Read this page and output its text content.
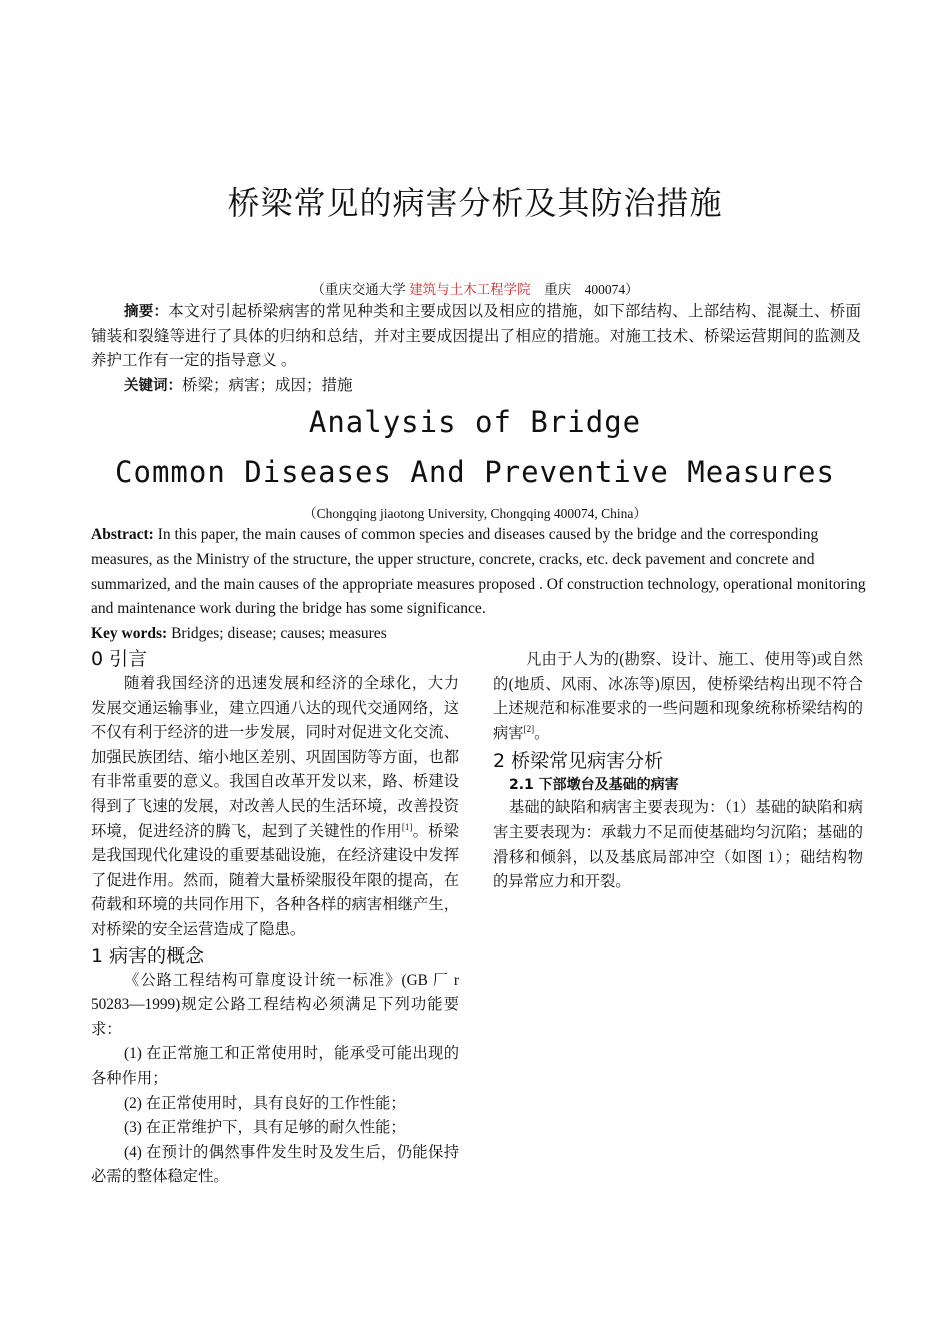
桥梁常见的病害分析及其防治措施
（重庆交通大学 建筑与土木工程学院　重庆　400074）
摘要：本文对引起桥梁病害的常见种类和主要成因以及相应的措施，如下部结构、上部结构、混凝土、桥面铺装和裂缝等进行了具体的归纳和总结，并对主要成因提出了相应的措施。对施工技术、桥梁运营期间的监测及养护工作有一定的指导意义 。
关键词：桥梁；病害；成因；措施
Analysis of Bridge
Common Diseases And Preventive Measures
（Chongqing jiaotong University, Chongqing 400074, China）
Abstract: In this paper, the main causes of common species and diseases caused by the bridge and the corresponding measures, as the Ministry of the structure, the upper structure, concrete, cracks, etc. deck pavement and concrete and summarized, and the main causes of the appropriate measures proposed . Of construction technology, operational monitoring and maintenance work during the bridge has some significance.
Key words: Bridges; disease; causes; measures
0 引言

随着我国经济的迅速发展和经济的全球化，大力发展交通运输事业，建立四通八达的现代交通网络，这不仅有利于经济的进一步发展，同时对促进文化交流、加强民族团结、缩小地区差别、巩固国防等方面，也都有非常重要的意义。我国自改革开发以来，路、桥建设得到了飞速的发展，对改善人民的生活环境，改善投资环境，促进经济的腾飞，起到了关键性的作用[1]。桥梁是我国现代化建设的重要基础设施，在经济建设中发挥了促进作用。然而，随着大量桥梁服役年限的提高，在荷载和环境的共同作用下，各种各样的病害相继产生，对桥梁的安全运营造成了隐患。

1 病害的概念

《公路工程结构可靠度设计统一标准》(GB 厂 r 50283—1999)规定公路工程结构必须满足下列功能要求：

(1) 在正常施工和正常使用时，能承受可能出现的各种作用；

(2) 在正常使用时，具有良好的工作性能；

(3) 在正常维护下，具有足够的耐久性能；

(4) 在预计的偶然事件发生时及发生后，仍能保持必需的整体稳定性。

凡由于人为的(勘察、设计、施工、使用等)或自然的(地质、风雨、冰冻等)原因，使桥梁结构出现不符合上述规范和标准要求的一些问题和现象统称桥梁结构的病害[2]。

2 桥梁常见病害分析
2.1 下部墩台及基础的病害

基础的缺陷和病害主要表现为：（1）基础的缺陷和病害主要表现为：承载力不足而使基础均匀沉陷；基础的滑移和倾斜，以及基底局部冲空（如图 1）；础结构物的异常应力和开裂。
